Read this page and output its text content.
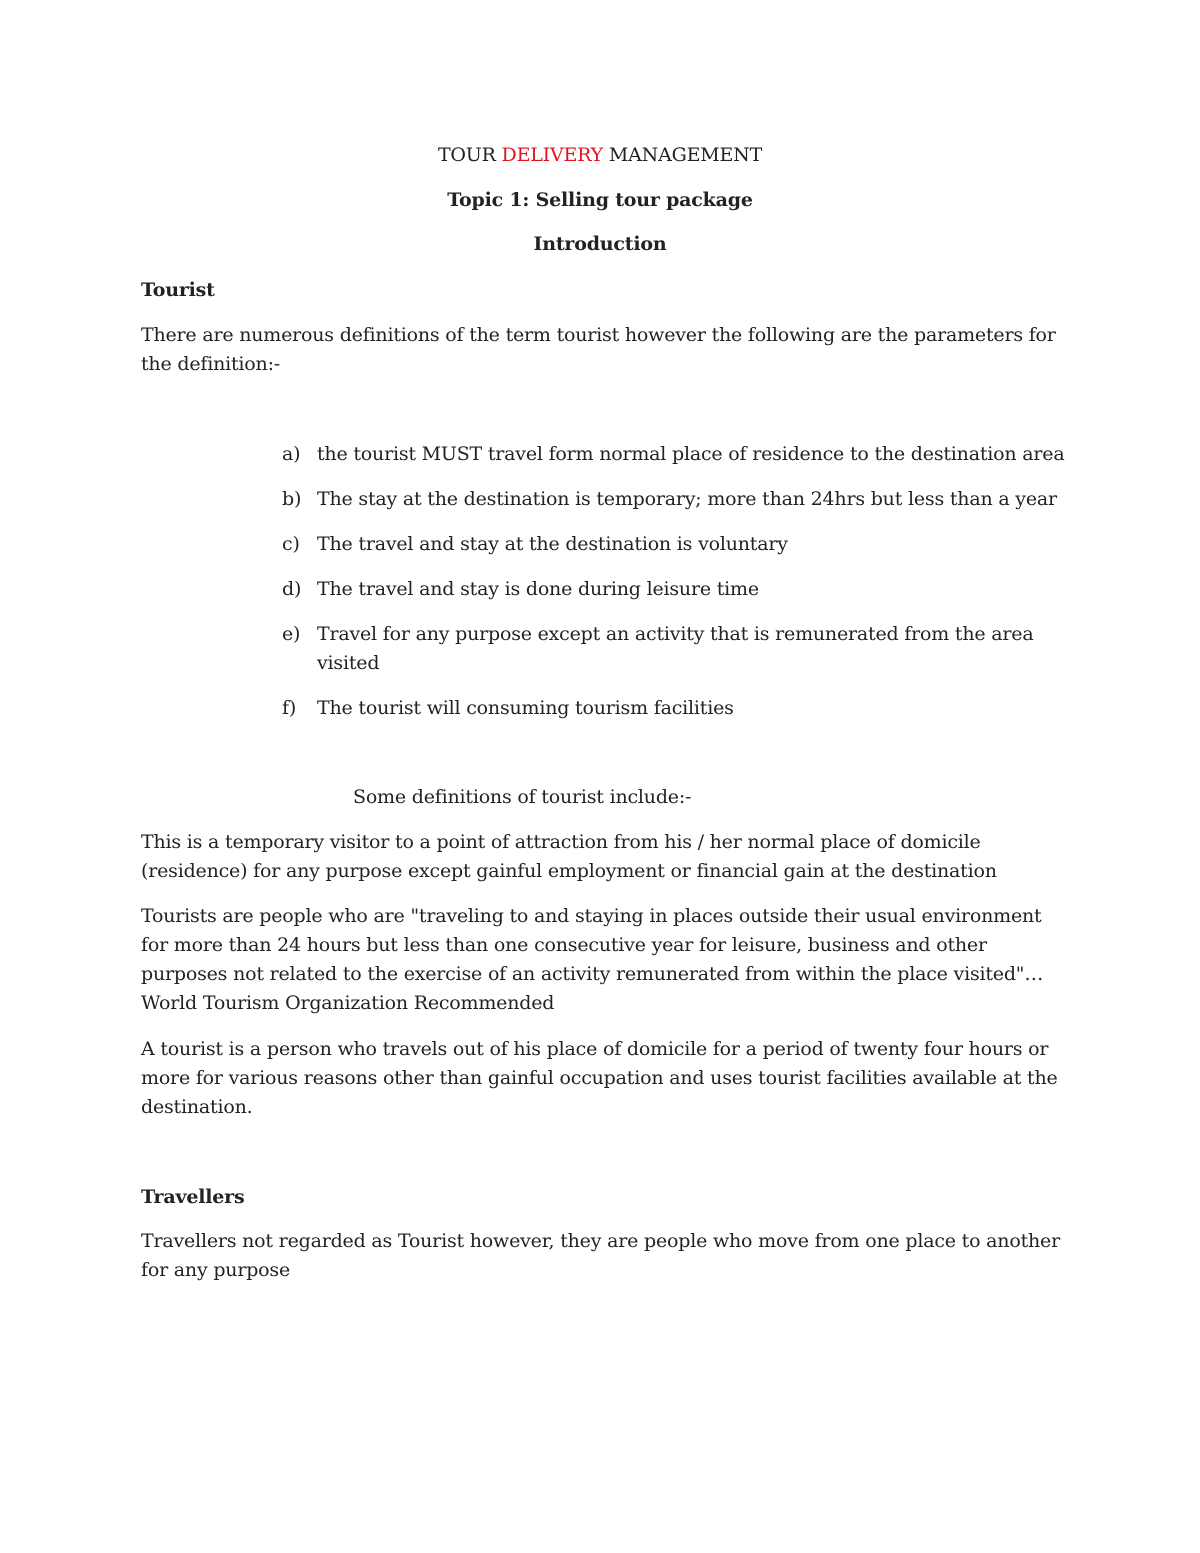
TOUR DELIVERY MANAGEMENT
Topic 1: Selling tour package
Introduction
Tourist
There are numerous definitions of the term tourist however the following are the parameters for the definition:-
a) the tourist MUST travel form normal place of residence to the destination area
b) The stay at the destination is temporary; more than 24hrs but less than a year
c) The travel and stay at the destination is voluntary
d) The travel and stay is done during leisure time
e) Travel for any purpose except an activity that is remunerated from the area visited
f) The tourist will consuming tourism facilities
Some definitions of tourist include:-
This is a temporary visitor to a point of attraction from his / her normal place of domicile (residence) for any purpose except gainful employment or financial gain at the destination
Tourists are people who are "traveling to and staying in places outside their usual environment for more than 24 hours but less than one consecutive year for leisure, business and other purposes not related to the exercise of an activity remunerated from within the place visited"… World Tourism Organization Recommended
A tourist is a person who travels out of his place of domicile for a period of twenty four hours or more for various reasons other than gainful occupation and uses tourist facilities available at the destination.
Travellers
Travellers not regarded as Tourist however, they are people who move from one place to another for any purpose
